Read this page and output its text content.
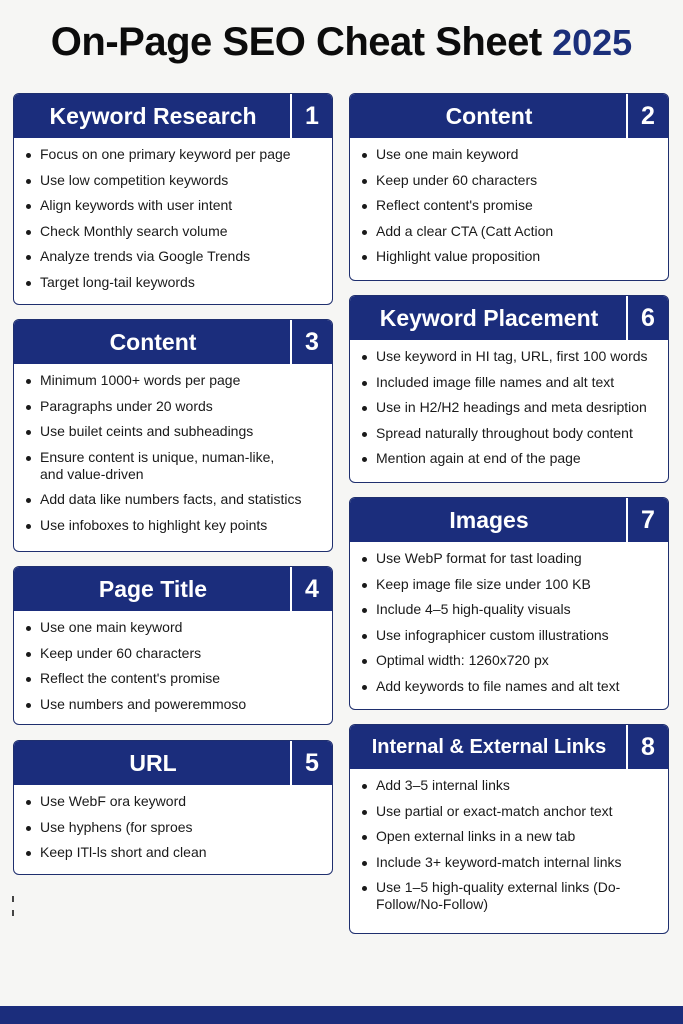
On-Page SEO Cheat Sheet 2025
Keyword Research	1
Focus on one primary keyword per page
Use low competition keywords
Align keywords with user intent
Check Monthly search volume
Analyze trends via Google Trends
Target long-tail keywords
Content	2
Use one main keyword
Keep under 60 characters
Reflect content's promise
Add a clear CTA (Catt Action
Highlight value proposition
Content	3
Minimum 1000+ words per page
Paragraphs under 20 words
Use builet ceints and subheadings
Ensure content is unique, numan-like, and value-driven
Add data like numbers facts, and statistics
Use infoboxes to highlight key points
Page Title	4
Use one main keyword
Keep under 60 characters
Reflect the content's promise
Use numbers and poweremmoso
URL	5
Use WebF ora keyword
Use hyphens (for sproes
Keep ITl-ls short and clean
Keyword Placement	6
Use keyword in HI tag, URL, first 100 words
Included image fille names and alt text
Use in H2/H2 headings and meta desription
Spread naturally throughout body content
Mention again at end of the page
Images	7
Use WebP format for tast loading
Keep image file size under 100 KB
Include 4–5 high-quality visuals
Use infographicer custom illustrations
Optimal width: 1260x720 px
Add keywords to file names and alt text
Internal & External Links	8
Add 3–5 internal links
Use partial or exact-match anchor text
Open external links in a new tab
Include 3+ keyword-match internal links
Use 1–5 high-quality external links (Do-Follow/No-Follow)
